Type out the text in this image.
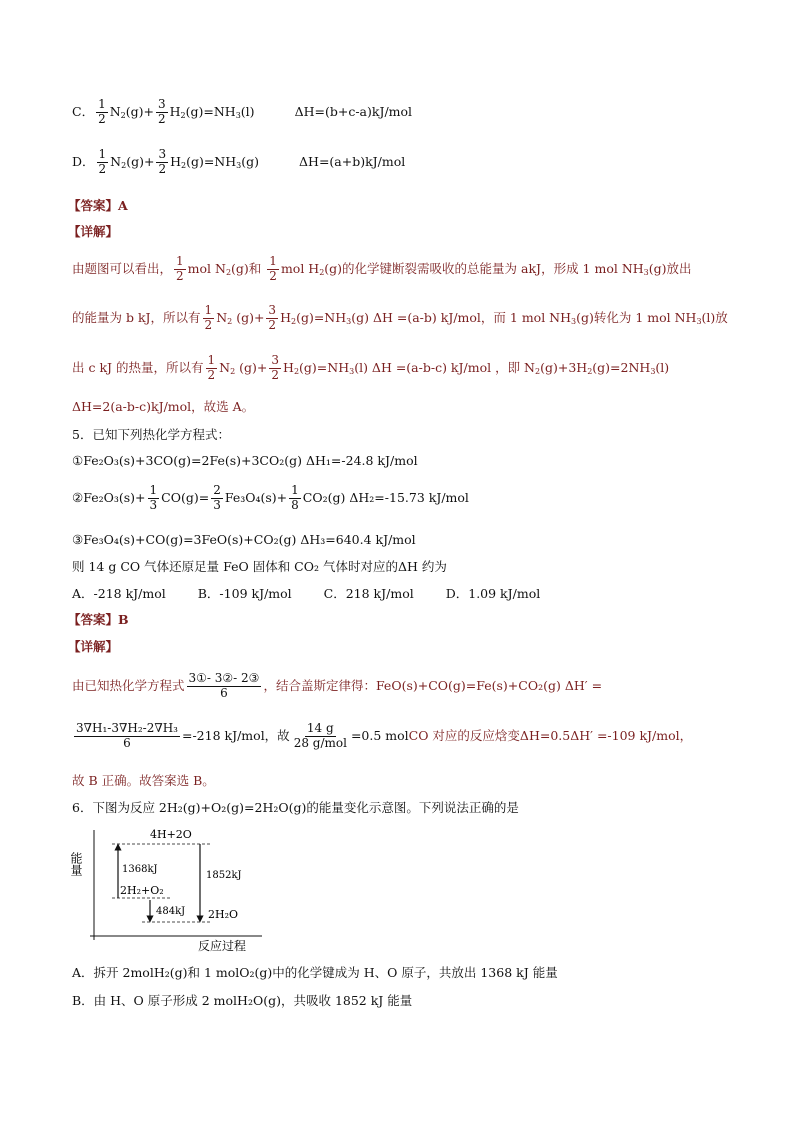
C． $\frac{1}{2} N_2(g)+ \frac{3}{2} H_2(g)=NH_3(l)$	ΔH=(b+c-a)kJ/mol
D． $\frac{1}{2} N_2(g)+ \frac{3}{2} H_2(g)=NH_3(g)$	ΔH=(a+b)kJ/mol
【答案】A
【详解】
由题图可以看出， $\frac{1}{2}$ mol $N_2(g)$和 $\frac{1}{2}$ mol $H_2(g)$的化学键断裂需吸收的总能量为 akJ，形成 1 mol $NH_3(g)$放出
的能量为 b kJ，所以有 $\frac{1}{2} N_2$ $(g)+ \frac{3}{2} H_2(g)=NH_3(g)$ ΔH =(a-b) kJ/mol，而 1 mol $NH_3(g)$转化为 1 mol $NH_3(l)$放
出 c kJ 的热量，所以有 $\frac{1}{2} N_2$ $(g)+ \frac{3}{2} H_2(g)=NH_3(l)$ ΔH =(a-b-c) kJ/mol ，即 $N_2(g)+3H_2(g)=2NH_3(l)$
ΔH=2(a-b-c)kJ/mol，故选 A。
5．已知下列热化学方程式：
①Fe₂O₃(s)+3CO(g)=2Fe(s)+3CO₂(g) ΔH₁=-24.8 kJ/mol
②Fe₂O₃(s)+ $\frac{1}{3} CO(g)= \frac{2}{3} Fe_3O_4(s)+ \frac{1}{8} CO_2(g)$ ΔH₂=-15.73 kJ/mol
③Fe₃O₄(s)+CO(g)=3FeO(s)+CO₂(g) ΔH₃=640.4 kJ/mol
则 14 g CO 气体还原足量 FeO 固体和 CO₂ 气体时对应的ΔH 约为
A．-218 kJ/mol	B．-109 kJ/mol	C．218 kJ/mol	D．1.09 kJ/mol
【答案】B
【详解】
由已知热化学方程式 $\frac{\text{3①- 3②- 2③}}{6}$ ，结合盖斯定律得：FeO(s)+CO(g)=Fe(s)+CO₂(g) ΔH′ =
$\frac{\text{3∇H₁-3∇H₂-2∇H₃}}{6} =-218$ kJ/mol，故 $\frac{14 g}{\text{28 g/mol}} =0.5$ molCO 对应的反应焓变ΔH=0.5ΔH′ =-109 kJ/mol，
故 B 正确。故答案选 B。
6．下图为反应 2H₂(g)+O₂(g)=2H₂O(g)的能量变化示意图。下列说法正确的是
能量
4H+2O
2H₂+O₂
2H₂O
1368kJ
1852kJ
484kJ
反应过程
A．拆开 2molH₂(g)和 1 molO₂(g)中的化学键成为 H、O 原子，共放出 1368 kJ 能量
B．由 H、O 原子形成 2 molH₂O(g)，共吸收 1852 kJ 能量
